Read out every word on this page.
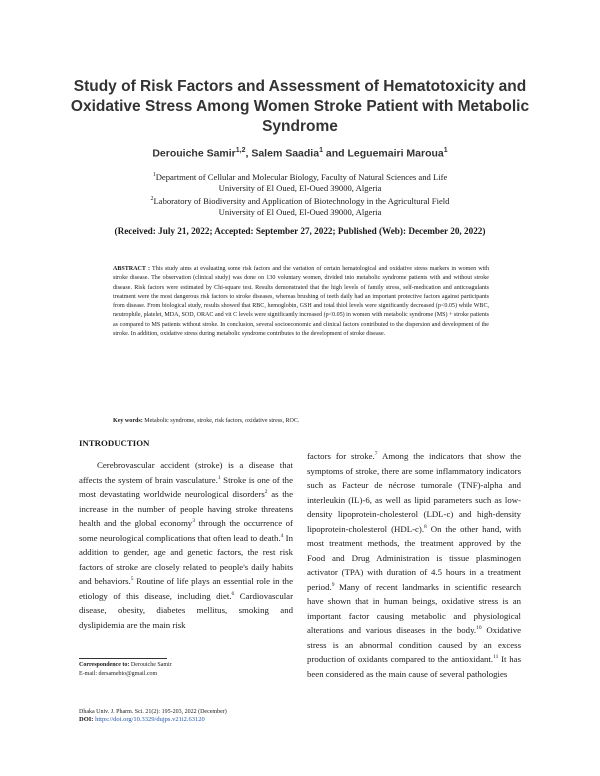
Study of Risk Factors and Assessment of Hematotoxicity and Oxidative Stress Among Women Stroke Patient with Metabolic Syndrome
Derouiche Samir$^{1,2}$, Salem Saadia$^1$ and Leguemairi Maroua$^1$
$^1$Department of Cellular and Molecular Biology, Faculty of Natural Sciences and Life
University of El Oued, El-Oued 39000, Algeria
$^2$Laboratory of Biodiversity and Application of Biotechnology in the Agricultural Field
University of El Oued, El-Oued 39000, Algeria
(Received: July 21, 2022; Accepted: September 27, 2022; Published (Web): December 20, 2022)

ABSTRACT : This study aims at evaluating some risk factors and the variation of certain hematological and oxidative stress markers in women with stroke disease. The observation (clinical study) was done on 130 voluntary women, divided into metabolic syndrome patients with and without stroke disease. Risk factors were estimated by Chi-square test. Results demonstrated that the high levels of family stress, self-medication and anticoagulants treatment were the most dangerous risk factors to stroke diseases, whereas brushing of teeth daily had an important protective factors against participants from disease. From biological study, results showed that RBC, hemoglobin, GSH and total thiol levels were significantly decreased (p<0.05) while WBC, neutrophile, platelet, MDA, SOD, ORAC and vit C levels were significantly increased (p<0.05) in women with metabolic syndrome (MS) + stroke patients as compared to MS patients without stroke. In conclusion, several socioeconomic and clinical factors contributed to the dispersion and development of the stroke. In addition, oxidative stress during metabolic syndrome contributes to the development of stroke disease.

Key words: Metabolic syndrome, stroke, risk factors, oxidative stress, ROC.

INTRODUCTION

Cerebrovascular accident (stroke) is a disease that affects the system of brain vasculature.$^1$ Stroke is one of the most devastating worldwide neurological disorders$^2$ as the increase in the number of people having stroke threatens health and the global economy$^3$ through the occurrence of some neurological complications that often lead to death.$^4$ In addition to gender, age and genetic factors, the rest risk factors of stroke are closely related to people's daily habits and behaviors.$^5$ Routine of life plays an essential role in the etiology of this disease, including diet.$^6$ Cardiovascular disease, obesity, diabetes mellitus, smoking and dyslipidemia are the main risk

factors for stroke.$^7$ Among the indicators that show the symptoms of stroke, there are some inflammatory indicators such as Facteur de nécrose tumorale (TNF)-alpha and interleukin (IL)-6, as well as lipid parameters such as low-density lipoprotein-cholesterol (LDL-c) and high-density lipoprotein-cholesterol (HDL-c).$^8$ On the other hand, with most treatment methods, the treatment approved by the Food and Drug Administration is tissue plasminogen activator (TPA) with duration of 4.5 hours in a treatment period.$^9$ Many of recent landmarks in scientific research have shown that in human beings, oxidative stress is an important factor causing metabolic and physiological alterations and various diseases in the body.$^{10}$ Oxidative stress is an abnormal condition caused by an excess production of oxidants compared to the antioxidant.$^{11}$ It has been considered as the main cause of several pathologies

Correspondence to: Derouiche Samir
E-mail: dersamebio@gmail.com
Dhaka Univ. J. Pharm. Sci. 21(2): 195-203, 2022 (December)
DOI: https://doi.org/10.3329/dujps.v21i2.63120
